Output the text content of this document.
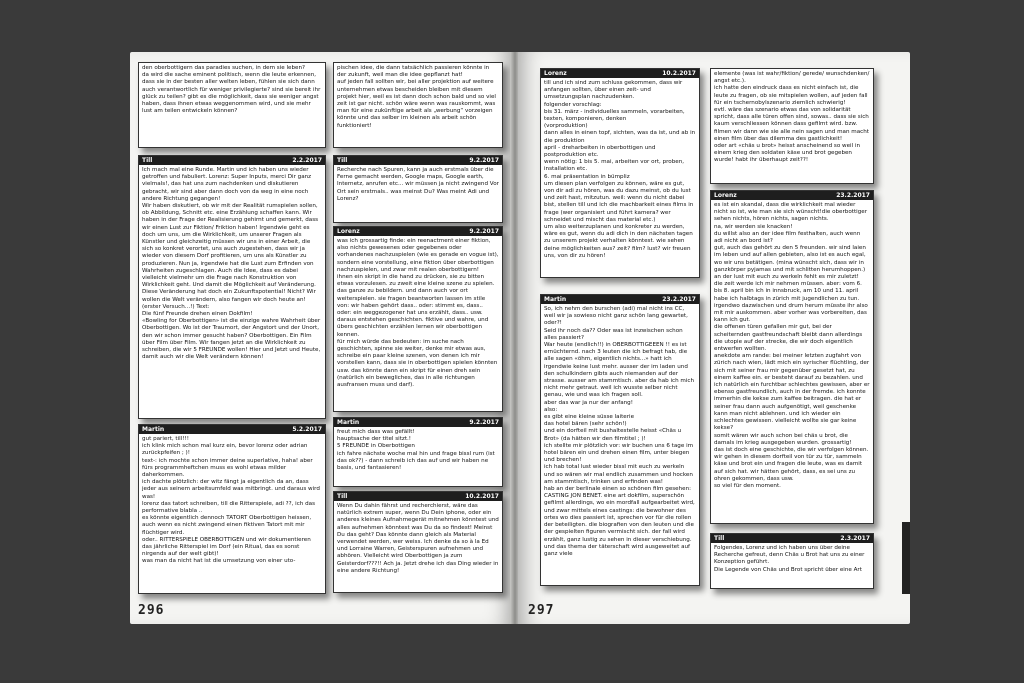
den oberbottigern das paradies suchen, in dem sie leben?
da wird die sache eminent politisch, wenn die leute erkennen, dass sie in der besten aller welten leben, fühlen sie sich dann auch verantwortlich für weniger privilegierte? sind sie bereit ihr glück zu teilen? gibt es die möglichkeit, dass sie weniger angst haben, dass ihnen etwas weggenommen wird, und sie mehr lust am teilen entwickeln können?
Till	2.2.2017
Ich mach mal eine Runde. Martin und ich haben uns wieder getroffen und fabuliert. Lorenz: Super Inputs, merci Dir ganz vielmals!, das hat uns zum nachdenken und diskutieren gebracht, wir sind aber dann doch von da weg in eine noch andere Richtung gegangen!
Wir haben diskutiert, ob wir mit der Realität rumspielen sollen, ob Abbildung, Schnitt etc. eine Erzählung schaffen kann. Wir haben in der Frage der Realisierung gehirnt und gemerkt, dass wir einen Lust zur Fiktion/ Friktion haben! Irgendwie geht es doch um uns, um die Wirklichkeit, um unserer Fragen als Künstler und gleichzeitig müssen wir uns in einer Arbeit, die sich so konkret verortet, uns auch zugestehen, dass wir ja wieder von diesem Dorf profitieren, um uns als Künstler zu produzieren. Nun ja, irgendwie hat die Lust zum Erfinden von Wahrheiten zugeschlagen. Auch die Idee, dass es dabei vielleicht vielmehr um die Frage nach Konstruktion von Wirklichkeit geht. Und damit die Möglichkeit auf Veränderung. Diese Veränderung hat doch ein Zukunftspotential! Nicht? Wir wollen die Welt verändern, also fangen wir doch heute an!
(erster Versuch...!) Text:
Die fünf Freunde drehen einen Dokfilm!
«Bowling for Oberbottigen» ist die einzige wahre Wahrheit über Oberbottigen. Wo ist der Traumort, der Angstort und der Unort, den wir schon immer gesucht haben? Oberbottigen. Ein Film über Film über Film. Wir fangen jetzt an die Wirklichkeit zu schreiben, die wir 5 FREUNDE wollen! Hier und Jetzt und Heute, damit auch wir die Welt verändern können!
Martin	5.2.2017
gut pariert, till!!!
ich klink mich schon mal kurz ein, bevor lorenz oder adrian zurückpfeifen ; )!
text-: ich mochte schon immer deine superlative, haha! aber fürs programmheftchen muss es wohl etwas milder daherkommen.
ich dachte plötzlich: der witz fängt ja eigentlich da an, dass jeder aus seinem arbeitsumfeld was mitbringt. und daraus wird was!
lorenz das tatort schreiben, till die Ritterspiele, adi ??, ich das performative blabla ..
es könnte eigentlich dennoch TATORT Oberbottigen heissen, auch wenn es nicht zwingend einen fiktiven Tatort mit mir flüchtiger wird.
oder.. RITTERSPIELE OBERBOTTIGEN und wir dokumentieren das jährliche Ritterspiel im Dorf (ein Ritual, das es sonst nirgends auf der welt gibt)!
was man da nicht hat ist die umsetzung von einer uto-
pischen idee, die dann tatsächlich passieren könnte in der zukunft, weil man die idee gepflanzt hat!
auf jeden fall sollten wir, bei aller projektion auf weitere unternehmen etwas bescheiden bleiben mit diesem projekt hier, weil es ist dann doch schon bald und so viel zeit ist gar nicht. schön wäre wenn was rauskommt, was man für eine zukünftige arbeit als „werbung“ vorzeigen könnte und das selber im kleinen als arbeit schön funktioniert!
Till	9.2.2017
Recherche nach Spuren, kann ja auch erstmals über die Ferne gemacht werden, Google maps, Google earth, Internetz, anrufen etc... wir müssen ja nicht zwingend Vor Ort sein erstmals.. was meinst Du? Was meint Adi und Lorenz?
Lorenz	9.2.2017
was ich grossartig finde: ein reenactment einer fiktion, also nichts gewesenes oder gegebenes oder vorhandenes nachzuspielen (wie es gerade en vogue ist), sondern eine vorstellung, eine fiktion über oberbottigen nachzuspielen, und zwar mit realen oberbottigern!
ihnen ein skript in die hand zu drücken, sie zu bitten etwas vorzulesen. zu zweit eine kleine szene zu spielen. das ganze zu bebildern. und dann auch vor ort weiterspielen. sie fragen beantworten lassen im stile von: wir haben gehört dass.. oder: stimmt es, dass.. oder: ein weggezogener hat uns erzählt, dass.. usw.
daraus entstehen geschichten. fiktive und wahre, und übers geschichten erzählen lernen wir oberbottigen kennen.
für mich würde das bedeuten: im suche nach geschichten, spinne sie weiter, denke mir etwas aus, schreibe ein paar kleine szenen, von denen ich mir vorstellen kann, dass sie in oberbottigen spielen könnten usw. das könnte dann ein skript für einen dreh sein (natürlich ein bewegliches, das in alle richtungen ausfransen muss und darf).
Martin	9.2.2017
freut mich dass was gefällt!
hauptsache der titel sitzt.!
5 FREUNDE in Oberbottigen
ich fahre nächste woche mal hin und frage bissl rum (ist das ok??) - dann schreib ich das auf und wir haben ne basis, und fantasieren!
Till	10.2.2017
Wenn Du dahin fährst und recherchierst, wäre das natürlich extrem super, wenn Du Dein iphone, oder ein anderes kleines Aufnahmegerät mitnehmen könntest und alles aufnehmen könntest was Du da so findest! Meinst Du das geht? Das könnte dann gleich als Material verwendet werden, wer weiss. Ich denke da so à la Ed und Lorraine Warren, Geisterspuren aufnehmen und abhören. Vielleicht wird Oberbottigen ja zum Geisterdorf???!! Ach ja. Jetzt drehe ich das Ding wieder in eine andere Richtung!
296
Lorenz	10.2.2017
till und ich sind zum schluss gekommen, dass wir anfangen sollten, über einen zeit- und umsetzungsplan nachzudenken.
folgender vorschlag:
bis 31. märz - individuelles sammeln, vorarbeiten, texten, komponieren, denken
(vorproduktion)
dann alles in einen topf, sichten, was da ist, und ab in die produktion
april - dreharbeiten in oberbottigen und postproduktion etc.
wenn nötig: 1 bis 5. mai, arbeiten vor ort, proben, installation etc.
6. mai präsentation in bümpliz
um diesen plan verfolgen zu können, wäre es gut, von dir adi zu hören, was du dazu meinst, ob du lust und zeit hast, mitzutun. weil: wenn du nicht dabei bist, stellen till und ich die machbarkeit eines films in frage (wer organisiert und führt kamera? wer schneidet und mischt das material etc.)
um also weiterzuplanen und konkreter zu werden, wäre es gut, wenn du adi dich in den nächsten tagen zu unserem projekt verhalten könntest. wie sehen deine möglichkeiten aus? zeit? film? lust? wir freuen uns, von dir zu hören!
Martin	23.2.2017
So, ich nehm den burschen (adi) mal nicht ins CC, weil wir ja sowieso nicht ganz schön lang gewartet, oder?!
Seid ihr noch da?? Oder was ist inzwischen schon alles passiert?
War heute (endlich!!) in OBERBOTTIGEEEN !! es ist ernüchternd. nach 3 leuten die ich befragt hab, die alle sagen «öhm, eigentlich nichts...» hatt ich irgendwie keine lust mehr. ausser der im laden und den schulkindern gibts auch niemanden auf der strasse. ausser am stammtisch. aber da hab ich mich nicht mehr getraut. weil ich wusste selber nicht genau, wie und was ich fragen soll.
aber das war ja nur der anfang!
also:
es gibt eine kleine süsse laiterie
das hotel bären (sehr schön!)
und ein dorfteil mit bushaltestelle heisst «Chäs u Brot» (da hätten wir den filmtitel ; )!
ich stellte mir plötzlich vor: wir buchen uns 6 tage im hotel bären ein und drehen einen film, unter biegen und brechen!
ich hab total lust wieder bissl mit euch zu werkeln und so wären wir mal endlich zusammen und hocken am stammtisch, trinken und erfinden was!
hab an der berlinale einen so schönen film gesehen: CASTING JON BENET. eine art dokfilm, superschön gefilmt allerdings, wo ein mordfall aufgearbeitet wird, und zwar mittels eines castings: die bewohner des ortes wo dies passiert ist, sprechen vor für die rollen der beteiligten. die biografien von den leuten und die der gespielten figuren vermischt sich. der fall wird erzählt, ganz lustig zu sehen in dieser verschiebung. und das thema der täterschaft wird ausgeweitet auf ganz viele
elemente (was ist wahr/fiktion/ gerede/ wunschdenken/ angst etc.).
ich hatte den eindruck dass es nicht einfach ist, die leute zu fragen, ob sie mitspielen wollen, auf jeden fall für ein tschernobylszenario ziemlich schwierig!
evtl. wäre das szenario etwas das von solidarität spricht, dass alle türen offen sind, sowas.. dass sie sich kaum verschliessen können dass gefilmt wird. bzw. filmen wir dann wie sie alle nein sagen und man macht einen film über das dilemma des gastlichkeit!
oder art «chäs u brot» heisst anscheinend so weil in einem krieg den soldaten käse und brot gegeben wurde! habt ihr überhaupt zeit??!
Lorenz	23.2.2017
es ist ein skandal, dass die wirklichkeit mal wieder nicht so ist, wie man sie sich wünscht!die oberbottiger sehen nichts, hören nichts, sagen nichts.
na, wir werden sie knacken!
du willst also an der idee film festhalten, auch wenn adi nicht an bord ist?
gut, auch das gehört zu den 5 freunden. wir sind laien im leben und auf allen gebieten, also ist es auch egal, wo wir uns betätigen. (mina wünscht sich, dass wir in ganzkörper pyjamas und mit schlitten herumhoppen.)
an der lust mit euch zu werkeln fehlt es mir zuletzt!
die zeit werde ich mir nehmen müssen. aber: vom 6. bis 8. april bin ich in innsbruck, am 10 und 11. april habe ich halbtags in zürich mit jugendlichen zu tun. irgendwo dazwischen und drum herum müsste ihr also mit mir auskommen. aber vorher was vorbereiten, das kann ich gut.
die offenen türen gefallen mir gut, bei der scheiternden gastfreundschaft bleibt dann allerdings die utopie auf der strecke, die wir doch eigentlich entwerfen wollten.
anekdote am rande: bei meiner letzten zugfahrt von zürich nach wien, lädt mich ein syrischer flüchtling, der sich mit seiner frau mir gegenüber gesetzt hat, zu einem kaffee ein. er besteht darauf zu bezahlen. und ich natürlich ein furchtbar schlechtes gewissen, aber er ebenso gastfreundlich, auch in der fremde. ich konnte immerhin die kekse zum kaffee beitragen. die hat er seiner frau dann auch aufgenötigt, weil geschenke kann man nicht ablehnen. und ich wieder ein schlechtes gewissen. vielleicht wollte sie gar keine kekse?
somit wären wir auch schon bei chäs u brot, die damals im krieg ausgegeben wurden. grossartig!
das ist doch eine geschichte, die wir verfolgen können. wir gehen in diesem dorfteil von tür zu tür, sammeln käse und brot ein und fragen die leute, was es damit auf sich hat. wir hätten gehört, dass, es sei uns zu ohren gekommen, dass usw.
so viel für den moment.
Till	2.3.2017
Folgendes, Lorenz und ich haben uns über deine Recherche gefreut, denn Chäs u Brot hat uns zu einer Konzeption geführt.
Die Legende von Chäs und Brot spricht über eine Art
297
